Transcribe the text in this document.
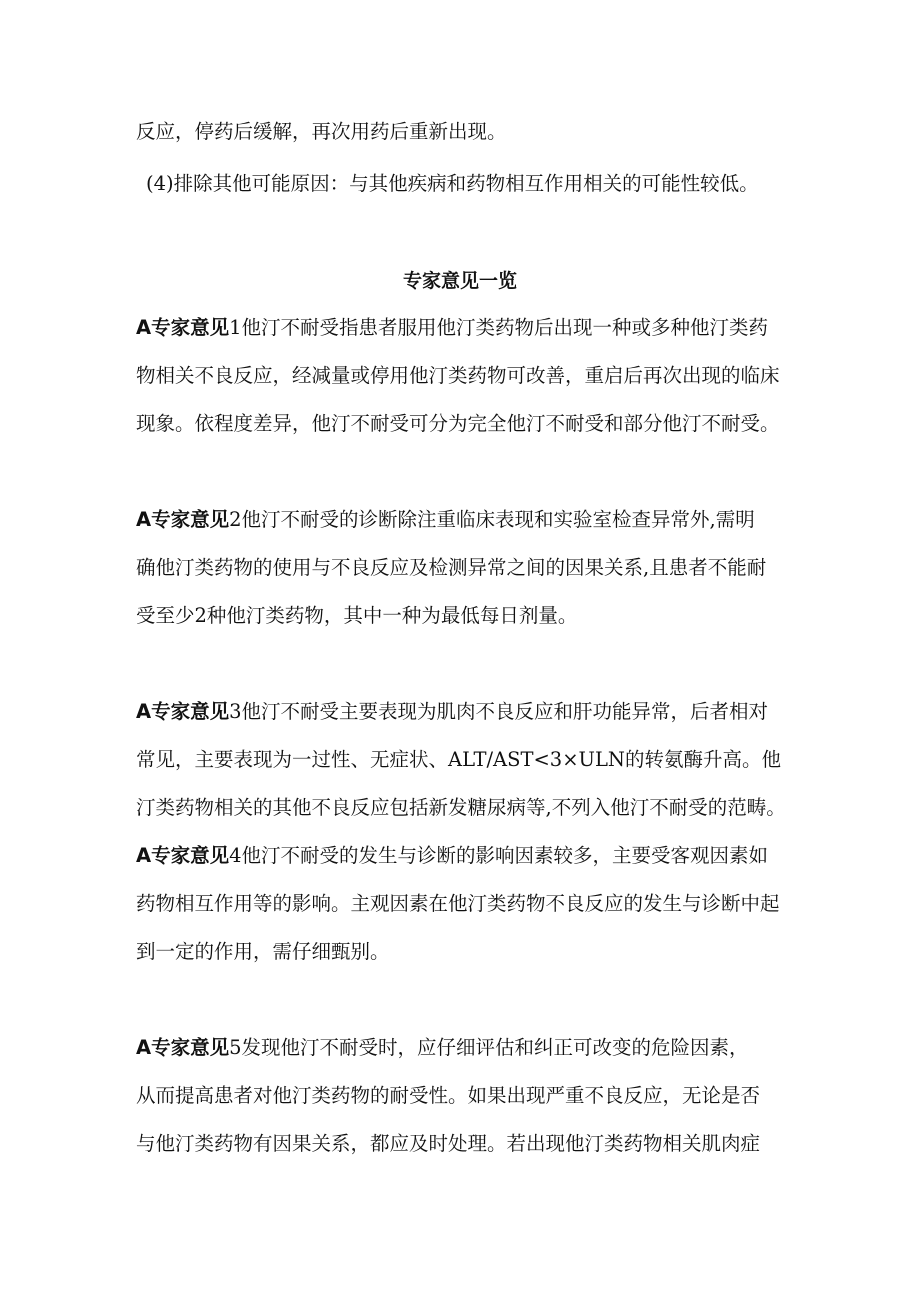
反应，停药后缓解，再次用药后重新出现。
(4)排除其他可能原因：与其他疾病和药物相互作用相关的可能性较低。
专家意见一览
A专家意见1他汀不耐受指患者服用他汀类药物后出现一种或多种他汀类药
物相关不良反应，经减量或停用他汀类药物可改善，重启后再次出现的临床
现象。依程度差异，他汀不耐受可分为完全他汀不耐受和部分他汀不耐受。
A专家意见2他汀不耐受的诊断除注重临床表现和实验室检查异常外,需明
确他汀类药物的使用与不良反应及检测异常之间的因果关系,且患者不能耐
受至少2种他汀类药物，其中一种为最低每日剂量。
A专家意见3他汀不耐受主要表现为肌肉不良反应和肝功能异常，后者相对
常见，主要表现为一过性、无症状、ALT/AST<3×ULN的转氨酶升高。他
汀类药物相关的其他不良反应包括新发糖尿病等,不列入他汀不耐受的范畴。
A专家意见4他汀不耐受的发生与诊断的影响因素较多，主要受客观因素如
药物相互作用等的影响。主观因素在他汀类药物不良反应的发生与诊断中起
到一定的作用，需仔细甄别。
A专家意见5发现他汀不耐受时，应仔细评估和纠正可改变的危险因素，
从而提高患者对他汀类药物的耐受性。如果出现严重不良反应，无论是否
与他汀类药物有因果关系，都应及时处理。若出现他汀类药物相关肌肉症
